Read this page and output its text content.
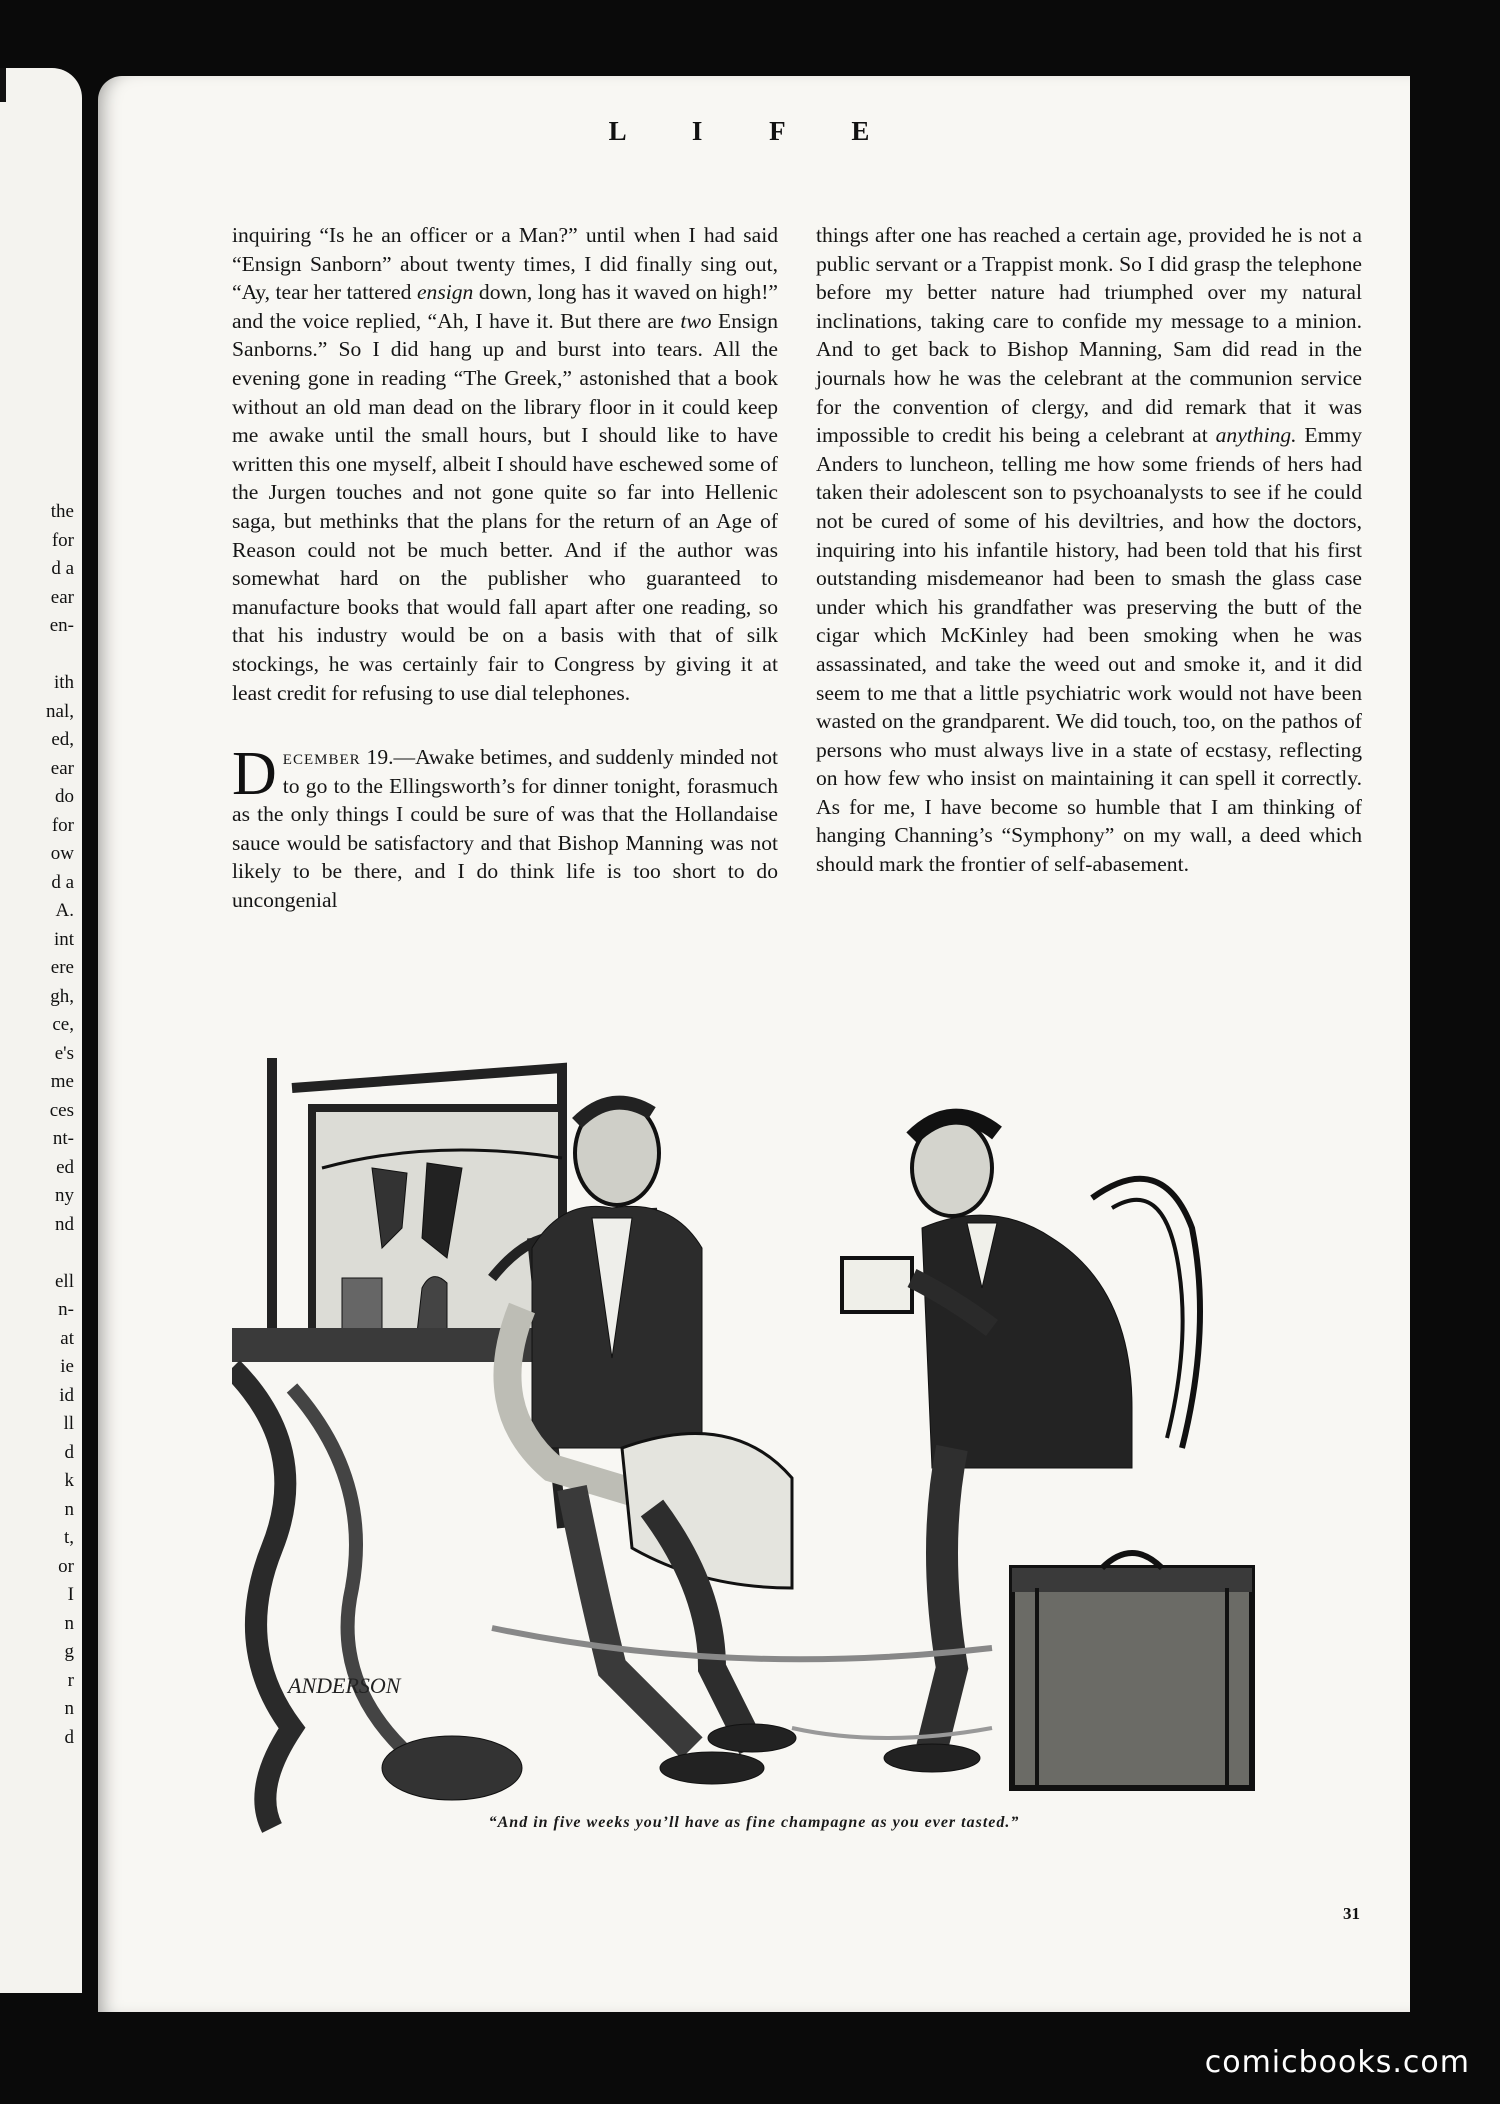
the
for
d a
ear
en-
ith
nal,
ed,
ear
do
for
ow
d a
A.
int
ere
gh,
ce,
e's
me
ces
nt-
ed
ny
nd
ell
n-
at
ie
id
ll
d
k
n
t,
or
I
n
g
r
n
d
L I F E

inquiring “Is he an officer or a Man?” until when I had said “Ensign Sanborn” about twenty times, I did finally sing out, “Ay, tear her tattered ensign down, long has it waved on high!” and the voice replied, “Ah, I have it. But there are two Ensign Sanborns.” So I did hang up and burst into tears. All the evening gone in reading “The Greek,” astonished that a book without an old man dead on the library floor in it could keep me awake until the small hours, but I should like to have written this one myself, albeit I should have eschewed some of the Jurgen touches and not gone quite so far into Hellenic saga, but methinks that the plans for the return of an Age of Reason could not be much better. And if the author was somewhat hard on the publisher who guaranteed to manufacture books that would fall apart after one reading, so that his industry would be on a basis with that of silk stockings, he was certainly fair to Congress by giving it at least credit for refusing to use dial telephones.

December 19.—Awake betimes, and suddenly minded not to go to the Ellingsworth’s for dinner tonight, forasmuch as the only things I could be sure of was that the Hollandaise sauce would be satisfactory and that Bishop Manning was not likely to be there, and I do think life is too short to do uncongenial

things after one has reached a certain age, provided he is not a public servant or a Trappist monk. So I did grasp the telephone before my better nature had triumphed over my natural inclinations, taking care to confide my message to a minion. And to get back to Bishop Manning, Sam did read in the journals how he was the celebrant at the communion service for the convention of clergy, and did remark that it was impossible to credit his being a celebrant at anything. Emmy Anders to luncheon, telling me how some friends of hers had taken their adolescent son to psychoanalysts to see if he could not be cured of some of his deviltries, and how the doctors, inquiring into his infantile history, had been told that his first outstanding misdemeanor had been to smash the glass case under which his grandfather was preserving the butt of the cigar which McKinley had been smoking when he was assassinated, and take the weed out and smoke it, and it did seem to me that a little psychiatric work would not have been wasted on the grandparent. We did touch, too, on the pathos of persons who must always live in a state of ecstasy, reflecting on how few who insist on maintaining it can spell it correctly. As for me, I have become so humble that I am thinking of hanging Channing’s “Symphony” on my wall, a deed which should mark the frontier of self-abasement.

ANDERSON
“And in five weeks you’ll have as fine champagne as you ever tasted.”
31
comicbooks.com
